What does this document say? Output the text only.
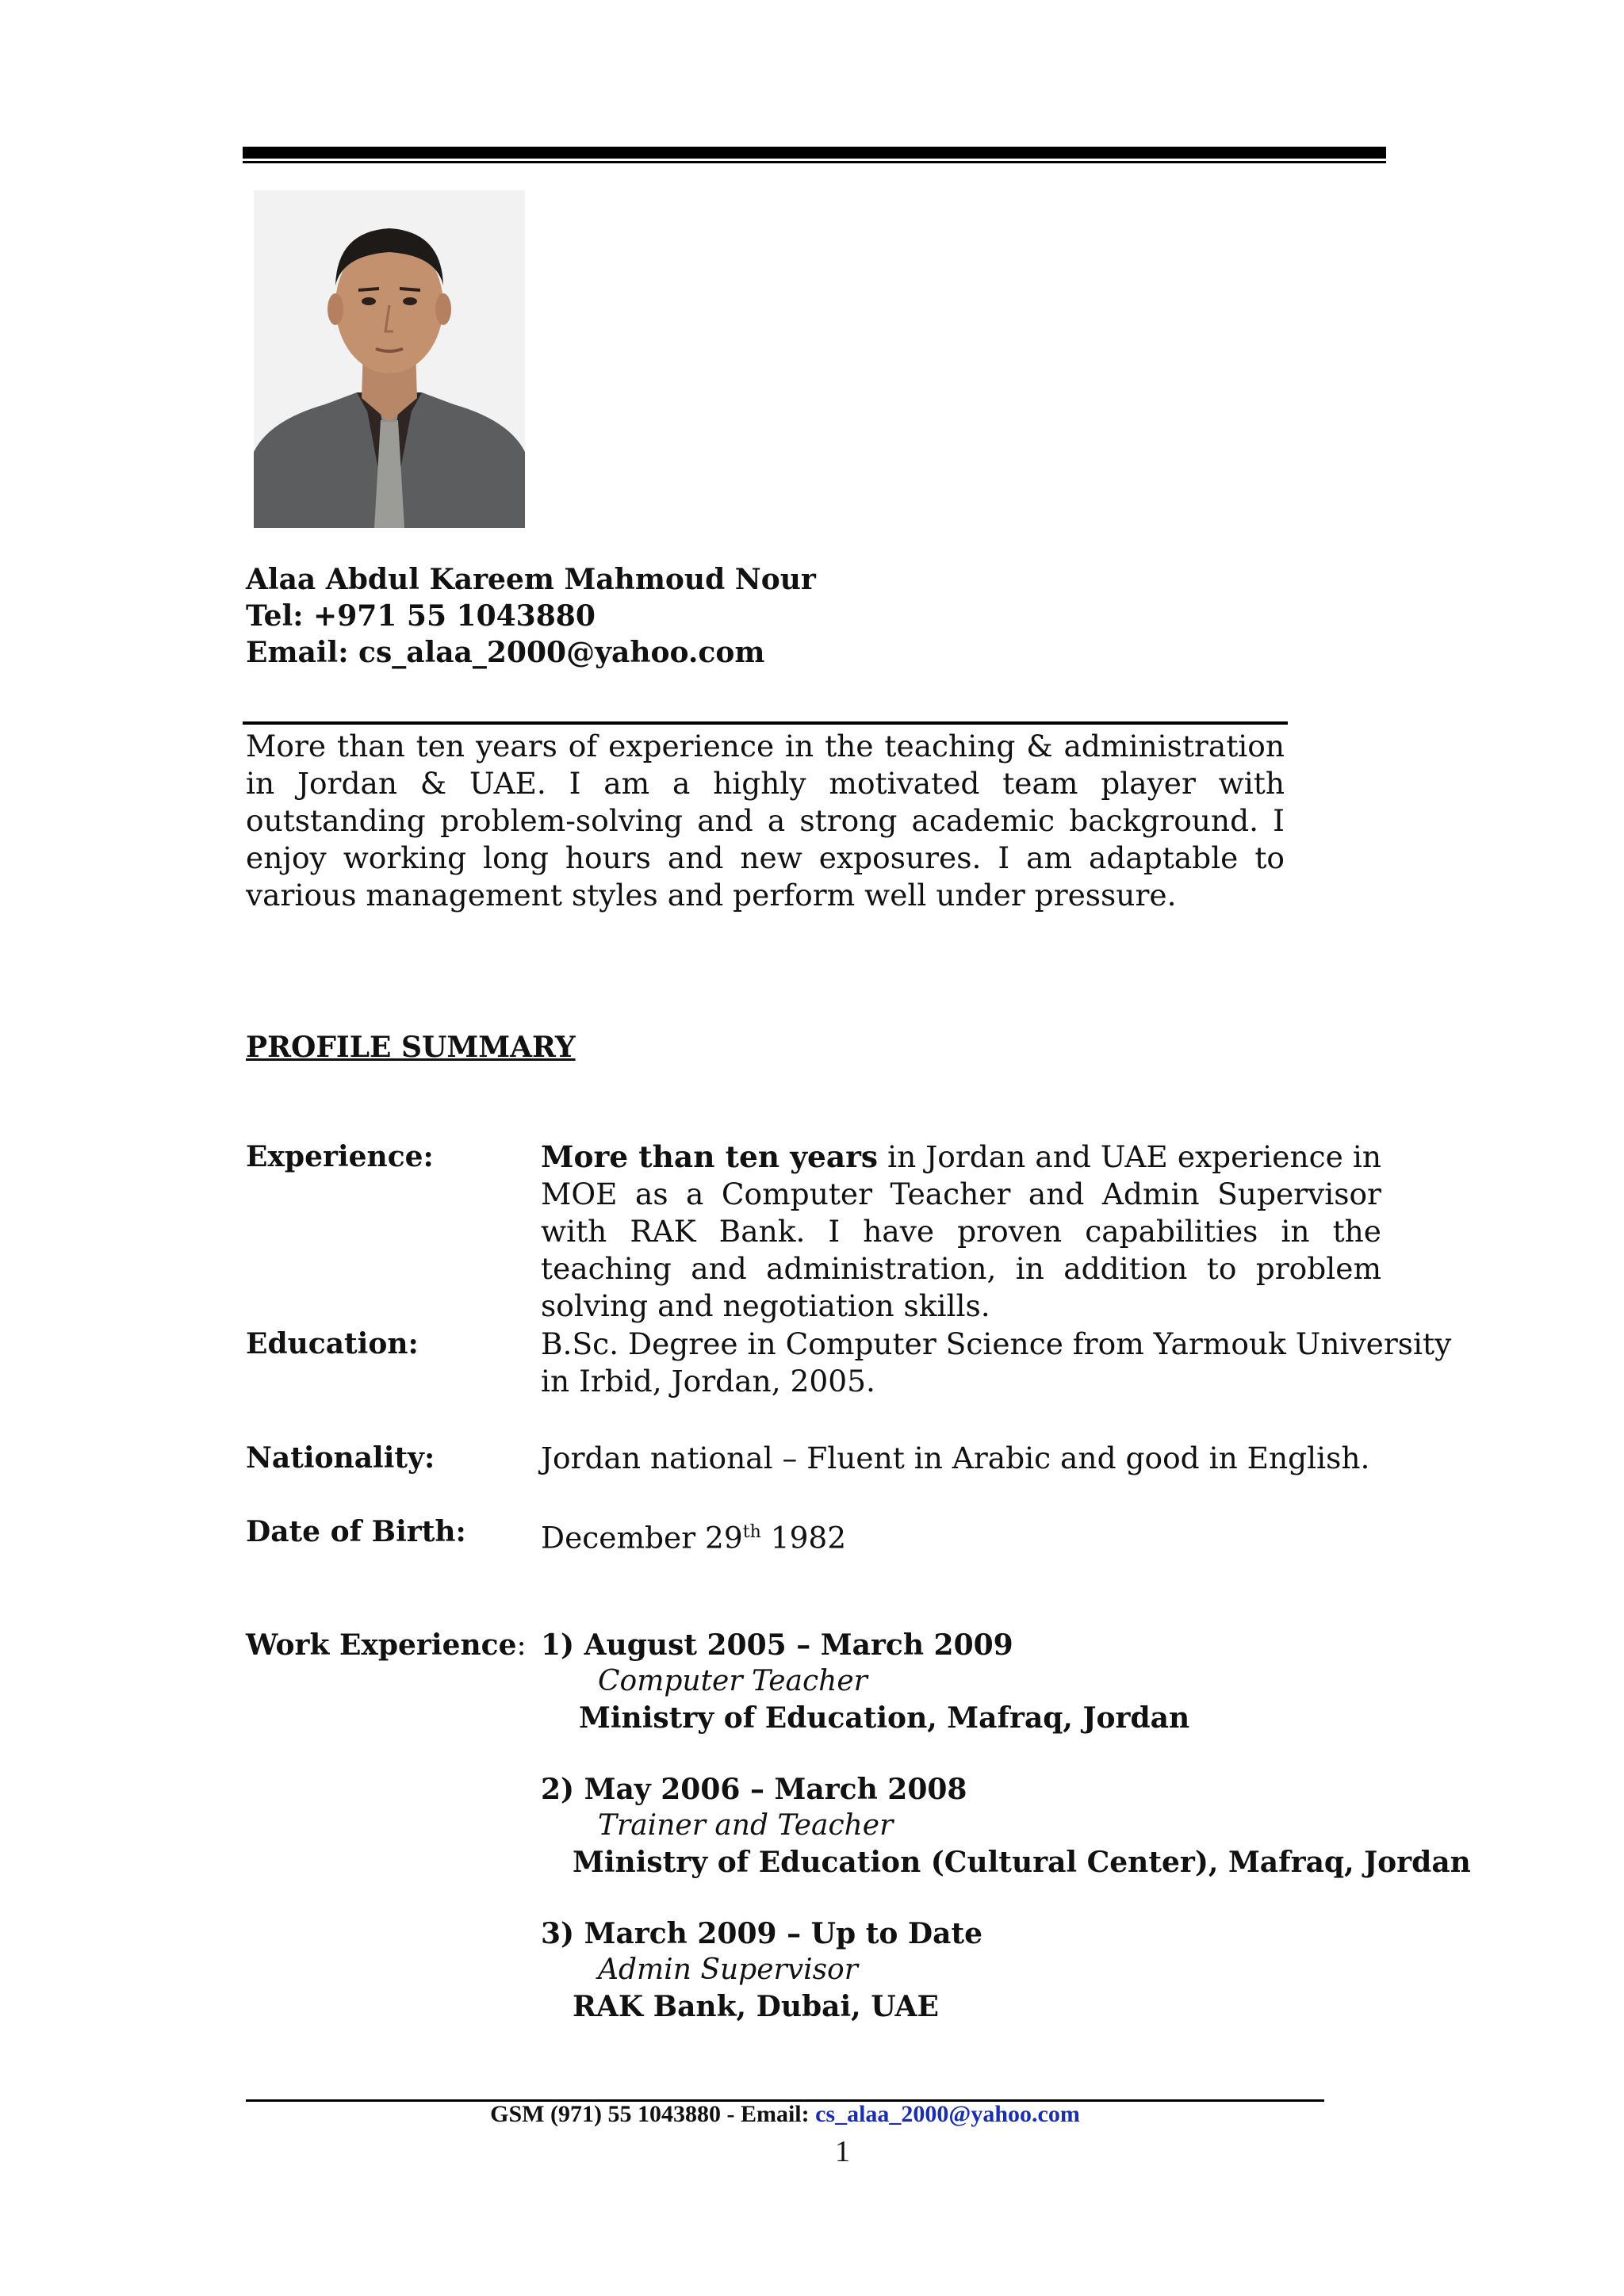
Alaa Abdul Kareem Mahmoud Nour
Tel: +971 55 1043880
Email: cs_alaa_2000@yahoo.com
More than ten years of experience in the teaching & administration in Jordan & UAE. I am a highly motivated team player with outstanding problem-solving and a strong academic background. I enjoy working long hours and new exposures. I am adaptable to various management styles and perform well under pressure.
PROFILE SUMMARY
Experience:	More than ten years in Jordan and UAE experience in MOE as a Computer Teacher and Admin Supervisor with RAK Bank. I have proven capabilities in the teaching and administration, in addition to problem solving and negotiation skills.
Education:	B.Sc. Degree in Computer Science from Yarmouk University
in Irbid, Jordan, 2005.
Nationality:	Jordan national – Fluent in Arabic and good in English.
Date of Birth:	December 29th 1982
Work Experience: 1) August 2005 – March 2009
Computer Teacher
Ministry of Education, Mafraq, Jordan
2) May 2006 – March 2008
Trainer and Teacher
Ministry of Education (Cultural Center), Mafraq, Jordan
3) March 2009 – Up to Date
Admin Supervisor
RAK Bank, Dubai, UAE
GSM (971) 55 1043880 - Email: cs_alaa_2000@yahoo.com
1
